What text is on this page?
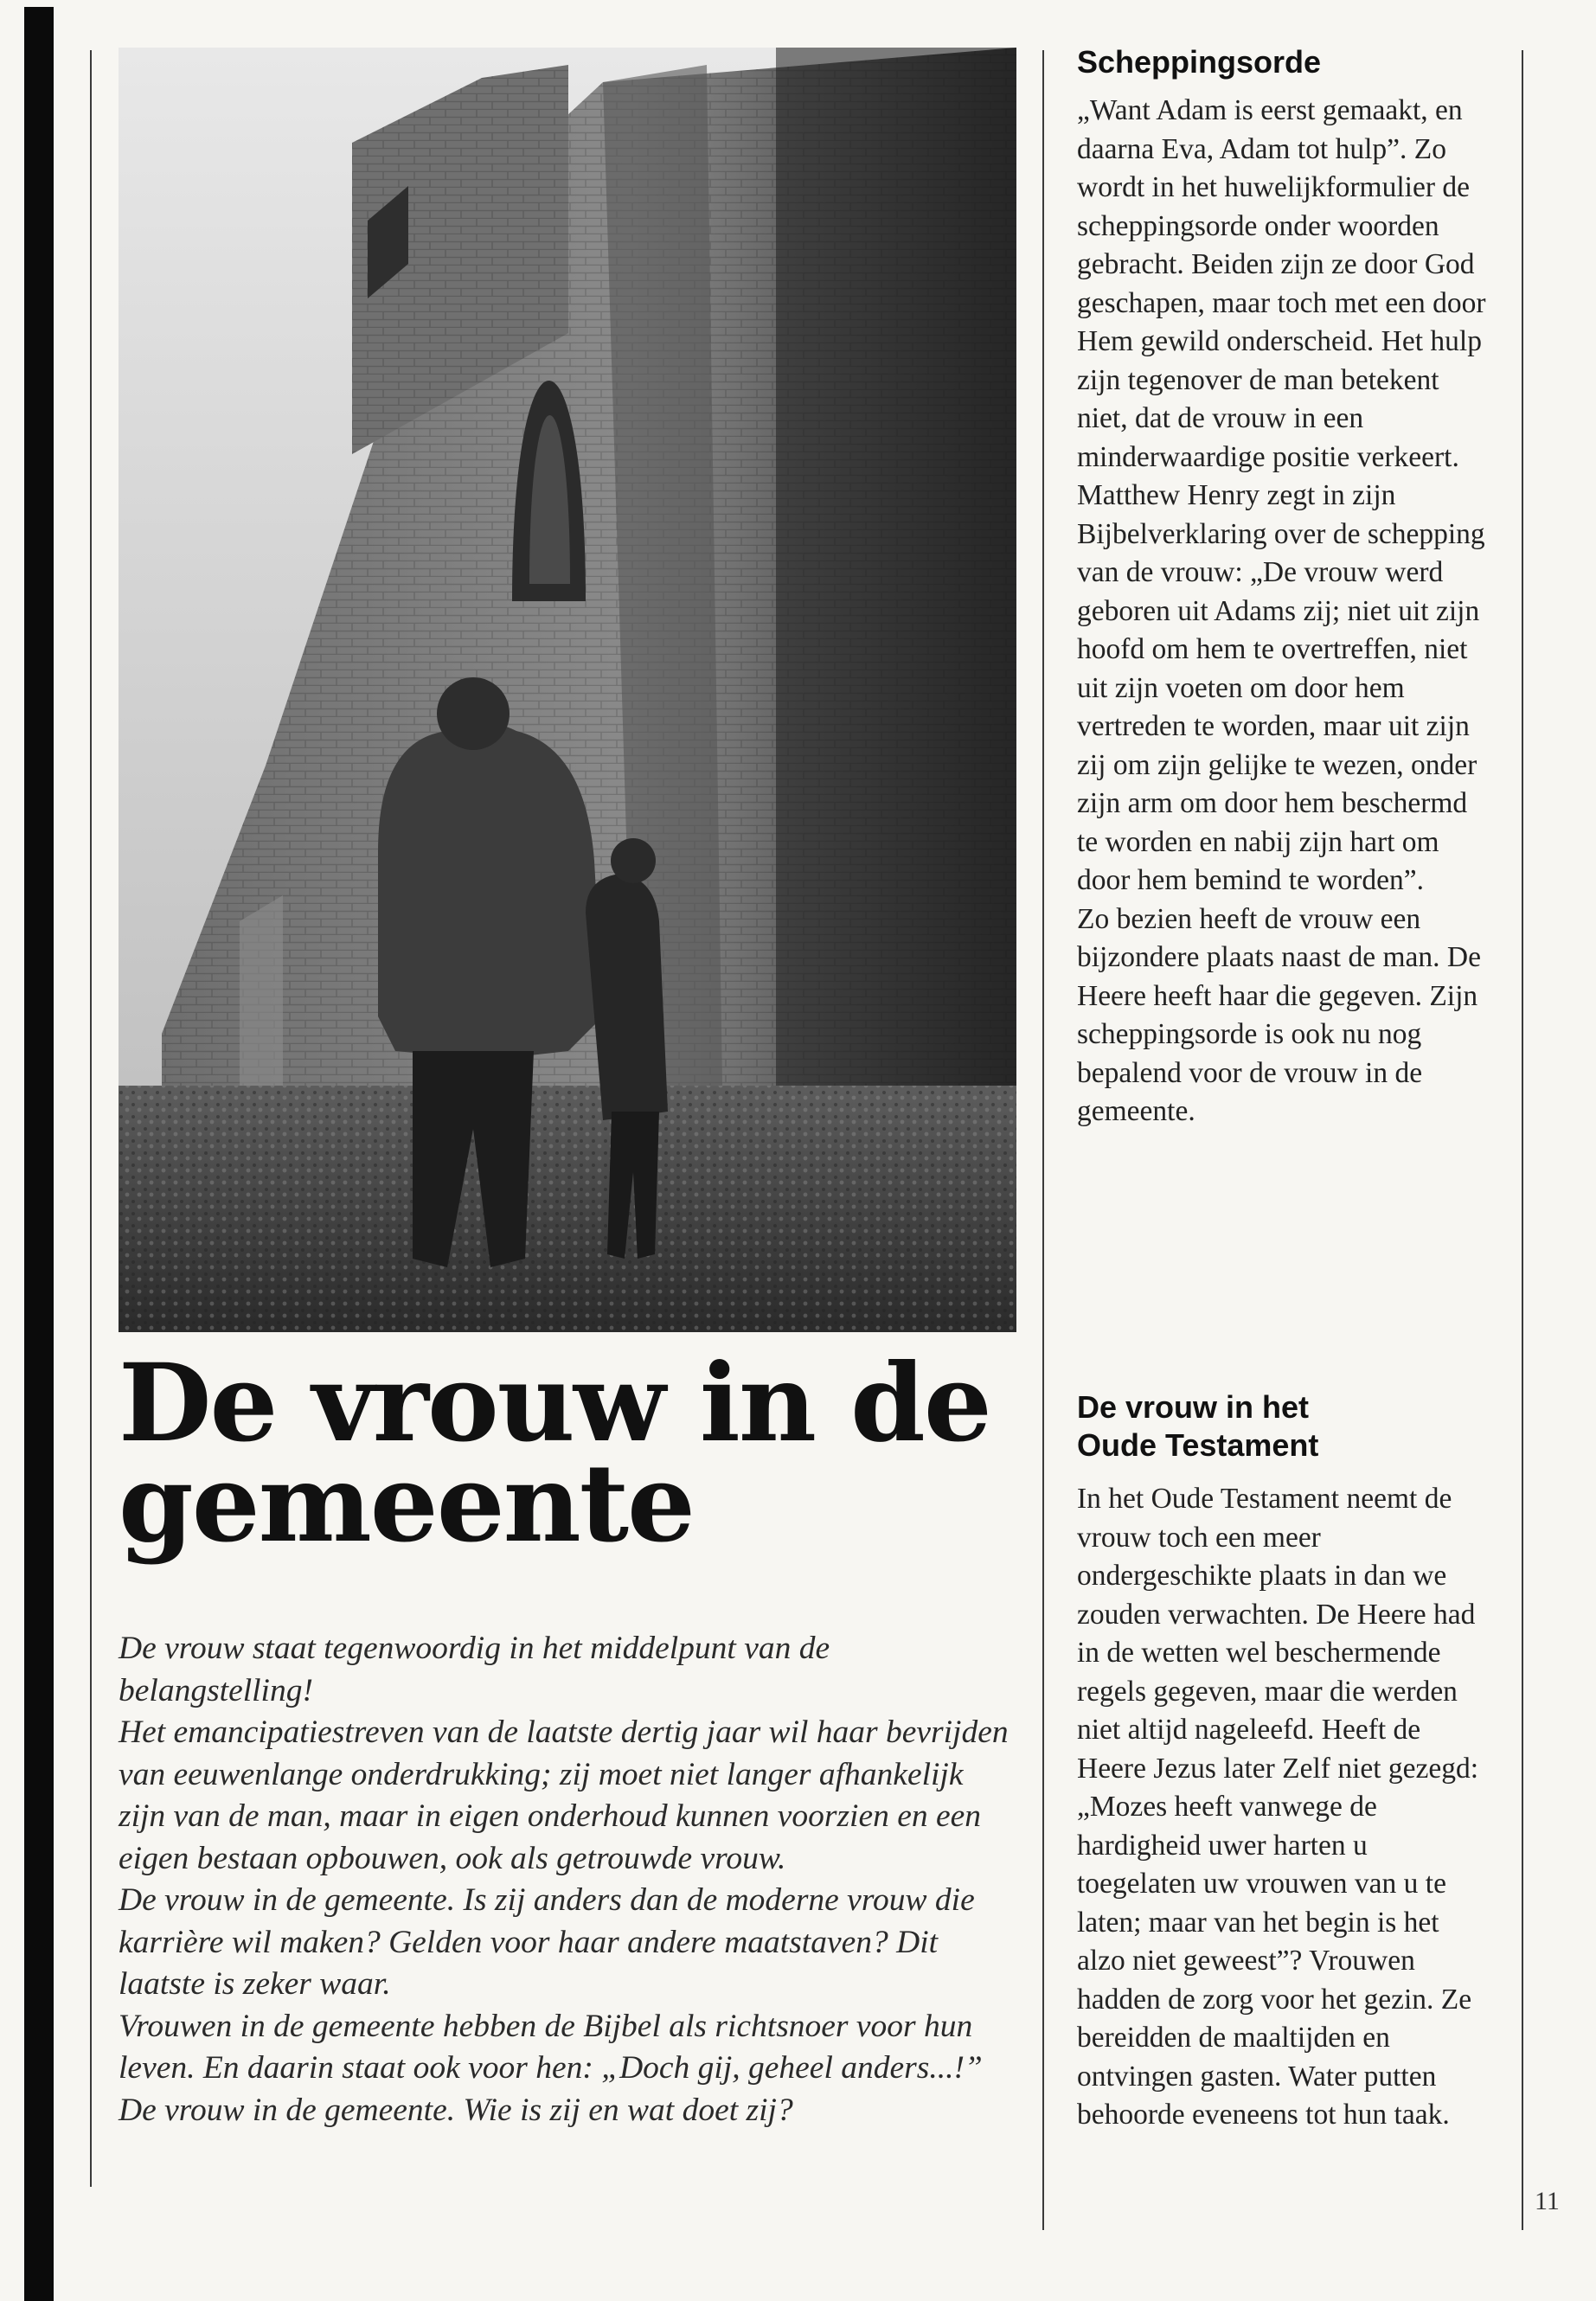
De vrouw in de gemeente

De vrouw staat tegenwoordig in het middelpunt van de belangstelling!

Het emancipatiestreven van de laatste dertig jaar wil haar bevrijden van eeuwenlange onderdrukking; zij moet niet langer afhankelijk zijn van de man, maar in eigen onderhoud kunnen voorzien en een eigen bestaan opbouwen, ook als getrouwde vrouw.

De vrouw in de gemeente. Is zij anders dan de moderne vrouw die karrière wil maken? Gelden voor haar andere maatstaven? Dit laatste is zeker waar.

Vrouwen in de gemeente hebben de Bijbel als richtsnoer voor hun leven. En daarin staat ook voor hen: „Doch gij, geheel anders...!”

De vrouw in de gemeente. Wie is zij en wat doet zij?

Scheppingsorde

„Want Adam is eerst gemaakt, en daarna Eva, Adam tot hulp”. Zo wordt in het huwelijkformulier de scheppingsorde onder woorden gebracht. Beiden zijn ze door God geschapen, maar toch met een door Hem gewild onderscheid. Het hulp zijn tegenover de man betekent niet, dat de vrouw in een minderwaardige positie verkeert.

Matthew Henry zegt in zijn Bijbelverklaring over de schepping van de vrouw: „De vrouw werd geboren uit Adams zij; niet uit zijn hoofd om hem te overtreffen, niet uit zijn voeten om door hem vertreden te worden, maar uit zijn zij om zijn gelijke te wezen, onder zijn arm om door hem beschermd te worden en nabij zijn hart om door hem bemind te worden”.

Zo bezien heeft de vrouw een bijzondere plaats naast de man. De Heere heeft haar die gegeven. Zijn scheppingsorde is ook nu nog bepalend voor de vrouw in de gemeente.

De vrouw in het Oude Testament

In het Oude Testament neemt de vrouw toch een meer ondergeschikte plaats in dan we zouden verwachten. De Heere had in de wetten wel beschermende regels gegeven, maar die werden niet altijd nageleefd. Heeft de Heere Jezus later Zelf niet gezegd: „Mozes heeft vanwege de hardigheid uwer harten u toegelaten uw vrouwen van u te laten; maar van het begin is het alzo niet geweest”? Vrouwen hadden de zorg voor het gezin. Ze bereidden de maaltijden en ontvingen gasten. Water putten behoorde eveneens tot hun taak.

11
